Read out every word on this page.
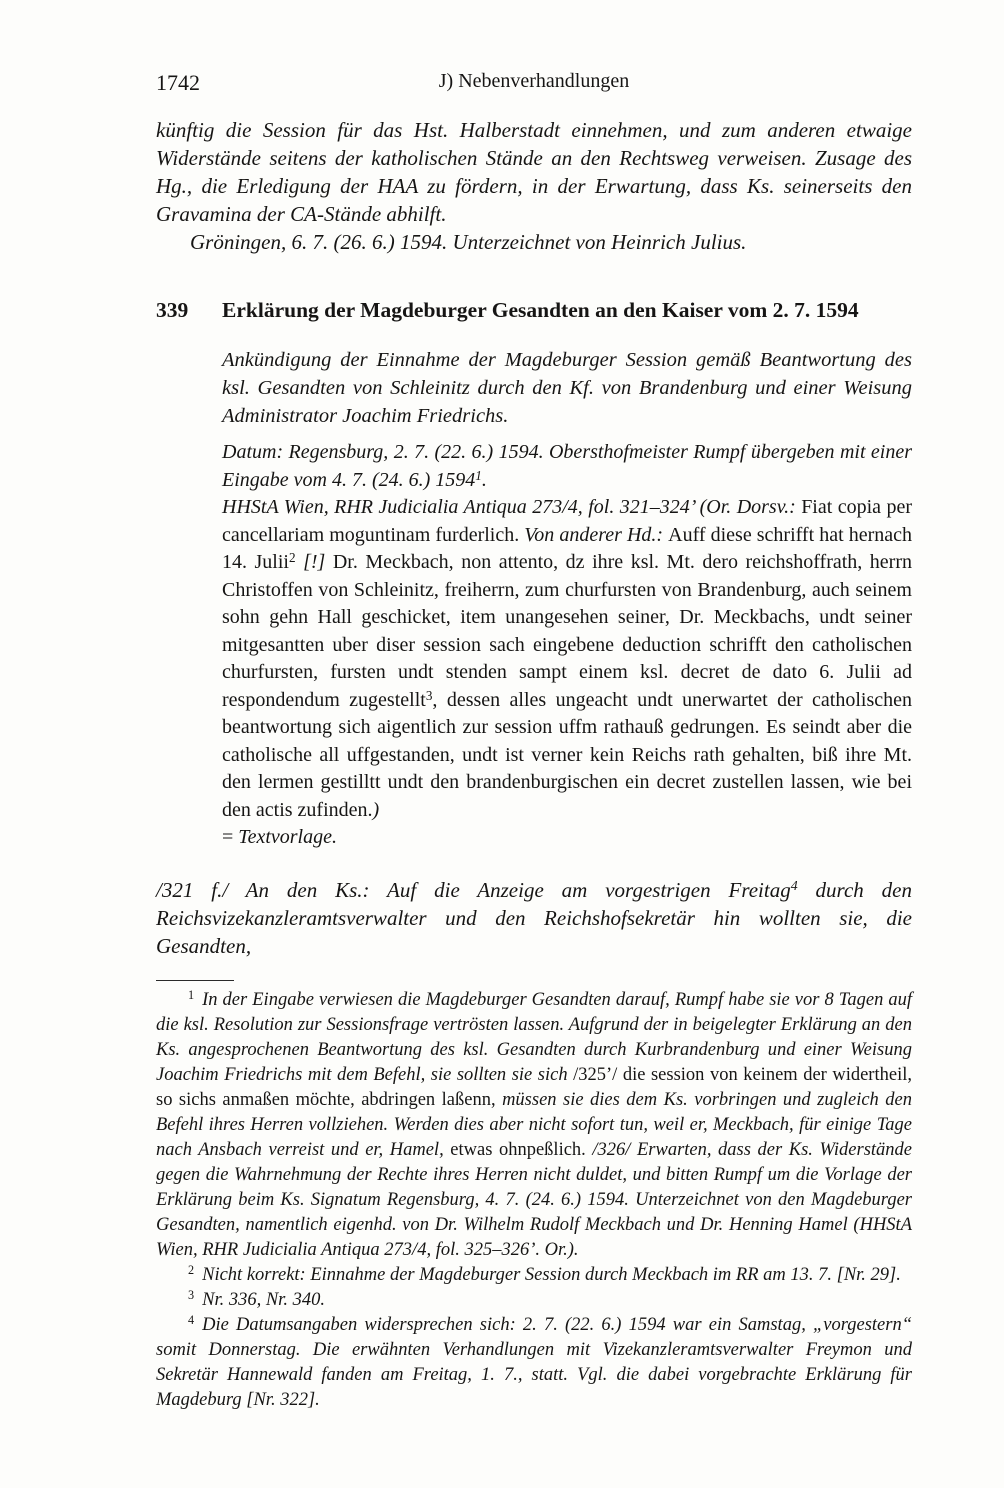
1742	J) Nebenverhandlungen

künftig die Session für das Hst. Halberstadt einnehmen, und zum anderen etwaige Widerstände seitens der katholischen Stände an den Rechtsweg verweisen. Zusage des Hg., die Erledigung der HAA zu fördern, in der Erwartung, dass Ks. seinerseits den Gravamina der CA-Stände abhilft.

Gröningen, 6. 7. (26. 6.) 1594. Unterzeichnet von Heinrich Julius.

339	Erklärung der Magdeburger Gesandten an den Kaiser vom 2. 7. 1594

Ankündigung der Einnahme der Magdeburger Session gemäß Beantwortung des ksl. Gesandten von Schleinitz durch den Kf. von Brandenburg und einer Weisung Administrator Joachim Friedrichs.

Datum: Regensburg, 2. 7. (22. 6.) 1594. Obersthofmeister Rumpf übergeben mit einer Eingabe vom 4. 7. (24. 6.) 1594$^1$.

HHStA Wien, RHR Judicialia Antiqua 273/4, fol. 321–324’ (Or. Dorsv.: Fiat copia per cancellariam moguntinam furderlich. Von anderer Hd.: Auff diese schrifft hat hernach 14. Julii$^2$ [!] Dr. Meckbach, non attento, dz ihre ksl. Mt. dero reichshoffrath, herrn Christoffen von Schleinitz, freiherrn, zum churfursten von Brandenburg, auch seinem sohn gehn Hall geschicket, item unangesehen seiner, Dr. Meckbachs, undt seiner mitgesantten uber diser session sach eingebene deduction schrifft den catholischen churfursten, fursten undt stenden sampt einem ksl. decret de dato 6. Julii ad respondendum zugestellt$^3$, dessen alles ungeacht undt unerwartet der catholischen beantwortung sich aigentlich zur session uffm rathauß gedrungen. Es seindt aber die catholische all uffgestanden, undt ist verner kein Reichs rath gehalten, biß ihre Mt. den lermen gestilltt undt den brandenburgischen ein decret zustellen lassen, wie bei den actis zufinden.)
= Textvorlage.

/321 f./ An den Ks.: Auf die Anzeige am vorgestrigen Freitag$^4$ durch den Reichsvizekanzleramtsverwalter und den Reichshofsekretär hin wollten sie, die Gesandten,

$^1$ In der Eingabe verwiesen die Magdeburger Gesandten darauf, Rumpf habe sie vor 8 Tagen auf die ksl. Resolution zur Sessionsfrage vertrösten lassen. Aufgrund der in beigelegter Erklärung an den Ks. angesprochenen Beantwortung des ksl. Gesandten durch Kurbrandenburg und einer Weisung Joachim Friedrichs mit dem Befehl, sie sollten sie sich /325’/ die session von keinem der widertheil, so sichs anmaßen möchte, abdringen laßenn, müssen sie dies dem Ks. vorbringen und zugleich den Befehl ihres Herren vollziehen. Werden dies aber nicht sofort tun, weil er, Meckbach, für einige Tage nach Ansbach verreist und er, Hamel, etwas ohnpeßlich. /326/ Erwarten, dass der Ks. Widerstände gegen die Wahrnehmung der Rechte ihres Herren nicht duldet, und bitten Rumpf um die Vorlage der Erklärung beim Ks. Signatum Regensburg, 4. 7. (24. 6.) 1594. Unterzeichnet von den Magdeburger Gesandten, namentlich eigenhd. von Dr. Wilhelm Rudolf Meckbach und Dr. Henning Hamel (HHStA Wien, RHR Judicialia Antiqua 273/4, fol. 325–326’. Or.).

$^2$ Nicht korrekt: Einnahme der Magdeburger Session durch Meckbach im RR am 13. 7. [Nr. 29].

$^3$ Nr. 336, Nr. 340.

$^4$ Die Datumsangaben widersprechen sich: 2. 7. (22. 6.) 1594 war ein Samstag, „vorgestern“ somit Donnerstag. Die erwähnten Verhandlungen mit Vizekanzleramtsverwalter Freymon und Sekretär Hannewald fanden am Freitag, 1. 7., statt. Vgl. die dabei vorgebrachte Erklärung für Magdeburg [Nr. 322].
